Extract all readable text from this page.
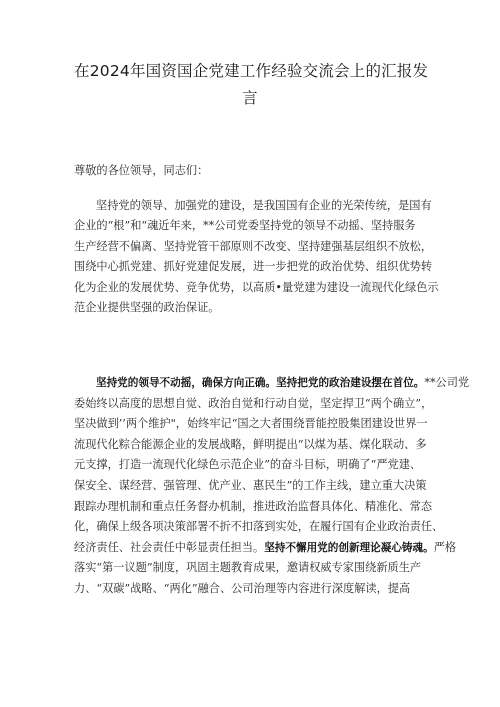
在2024年国资国企党建工作经验交流会上的汇报发
言
尊敬的各位领导，同志们：
坚持党的领导、加强党的建设，是我国国有企业的光荣传统，是国有
企业的“根”和“魂近年来，**公司党委坚持党的领导不动摇、坚持服务
生产经营不偏离、坚持党管干部原则不改变、坚持建强基层组织不放松，
围绕中心抓党建、抓好党建促发展，进一步把党的政治优势、组织优势转
化为企业的发展优势、竞争优势，以高质•量党建为建设一流现代化绿色示
范企业提供坚强的政治保证。
坚持党的领导不动摇，确保方向正确。坚持把党的政治建设摆在首位。**公司党
委始终以高度的思想自觉、政治自觉和行动自觉，坚定捍卫“两个确立”，
坚决做到’’两个维护"，始终牢记“国之大者围绕晋能控股集团建设世界一
流现代化粽合能源企业的发展战略，鲜明提出“以煤为基、煤化联动、多
元支撑，打造一流现代化绿色示范企业”的奋斗目标，明确了“严党建、
保安全、谋经营、强管理、优产业、惠民生”的工作主线，建立重大决策
跟踪办理机制和重点任务督办机制，推进政治监督具体化、精准化、常态
化，确保上级各项决策部署不折不扣落到实处，在履行国有企业政治责任、
经济责任、社会责任中彰显责任担当。坚持不懈用党的创新理论凝心铸魂。严格
落实“第一议题”制度，巩固主题教育成果，邀请权威专家围绕新质生产
力、“双碳”战略、“两化”融合、公司治理等内容进行深度解读，提高
